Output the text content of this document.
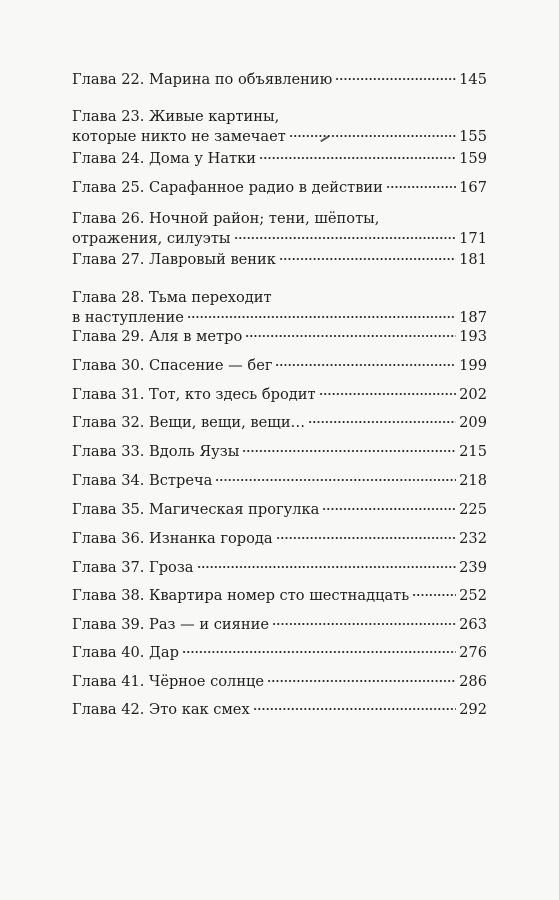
Глава 22. Марина по объявлению	145
Глава 23. Живые картины,
которые никто не замечает	155
Глава 24. Дома у Натки	159
Глава 25. Сарафанное радио в действии	167
Глава 26. Ночной район; тени, шёпоты,
отражения, силуэты	171
Глава 27. Лавровый веник	181
Глава 28. Тьма переходит
в наступление	187
Глава 29. Аля в метро	193
Глава 30. Спасение — бег	199
Глава 31. Тот, кто здесь бродит	202
Глава 32. Вещи, вещи, вещи…	209
Глава 33. Вдоль Яузы	215
Глава 34. Встреча	218
Глава 35. Магическая прогулка	225
Глава 36. Изнанка города	232
Глава 37. Гроза	239
Глава 38. Квартира номер сто шестнадцать	252
Глава 39. Раз — и сияние	263
Глава 40. Дар	276
Глава 41. Чёрное солнце	286
Глава 42. Это как смех	292
